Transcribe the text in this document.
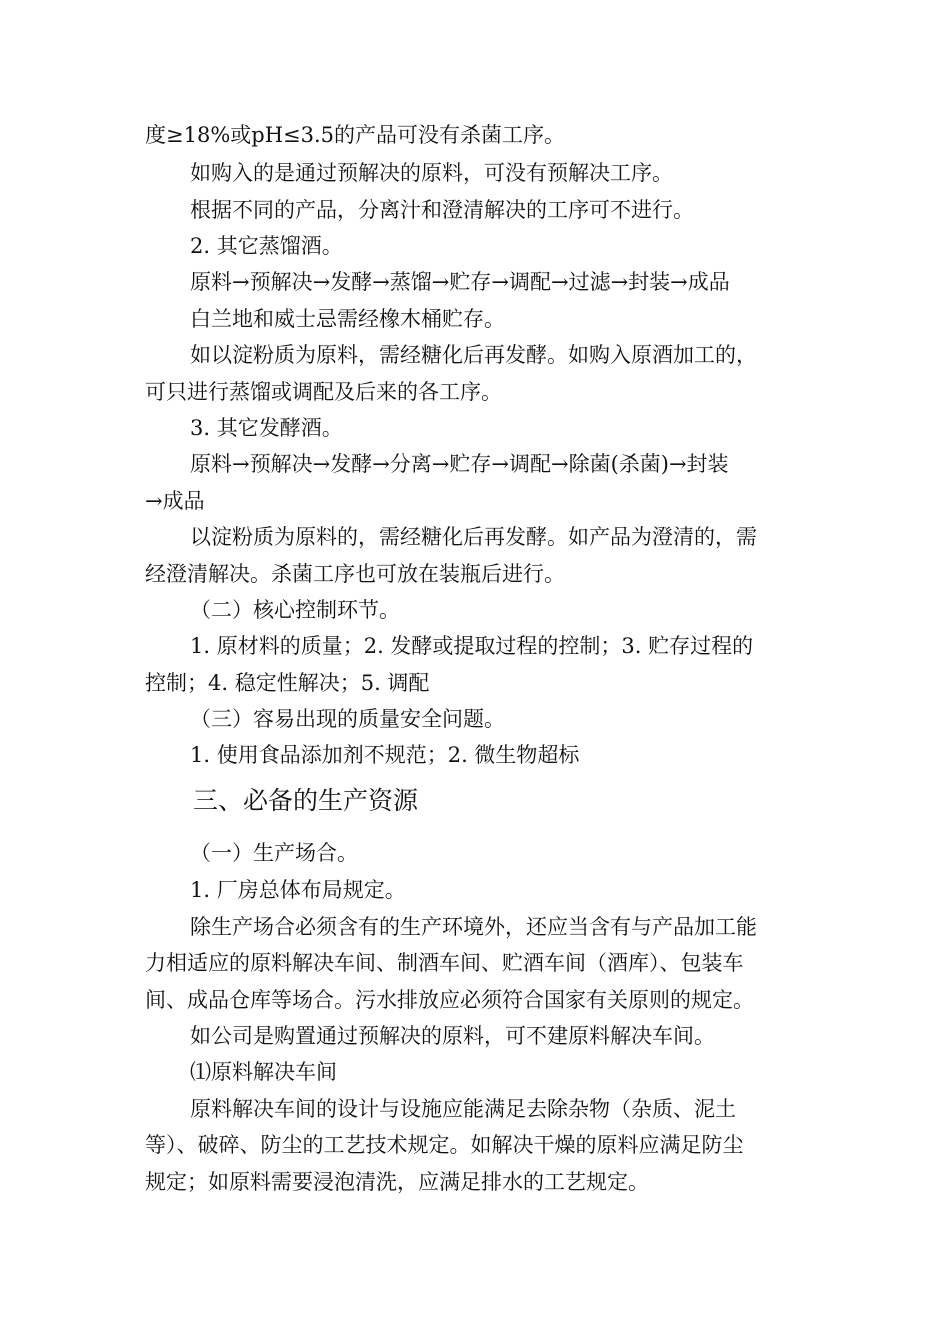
度≥18%或pH≤3.5的产品可没有杀菌工序。
如购入的是通过预解决的原料，可没有预解决工序。
根据不同的产品，分离汁和澄清解决的工序可不进行。
2. 其它蒸馏酒。
原料→预解决→发酵→蒸馏→贮存→调配→过滤→封装→成品
白兰地和威士忌需经橡木桶贮存。
如以淀粉质为原料，需经糖化后再发酵。如购入原酒加工的，
可只进行蒸馏或调配及后来的各工序。
3. 其它发酵酒。
原料→预解决→发酵→分离→贮存→调配→除菌(杀菌)→封装
→成品
以淀粉质为原料的，需经糖化后再发酵。如产品为澄清的，需
经澄清解决。杀菌工序也可放在装瓶后进行。
（二）核心控制环节。
1. 原材料的质量；2. 发酵或提取过程的控制；3. 贮存过程的
控制；4. 稳定性解决；5. 调配
（三）容易出现的质量安全问题。
1. 使用食品添加剂不规范；2. 微生物超标
三、必备的生产资源
（一）生产场合。
1. 厂房总体布局规定。
除生产场合必须含有的生产环境外，还应当含有与产品加工能
力相适应的原料解决车间、制酒车间、贮酒车间（酒库）、包装车
间、成品仓库等场合。污水排放应必须符合国家有关原则的规定。
如公司是购置通过预解决的原料，可不建原料解决车间。
⑴原料解决车间
原料解决车间的设计与设施应能满足去除杂物（杂质、泥土
等）、破碎、防尘的工艺技术规定。如解决干燥的原料应满足防尘
规定；如原料需要浸泡清洗，应满足排水的工艺规定。
